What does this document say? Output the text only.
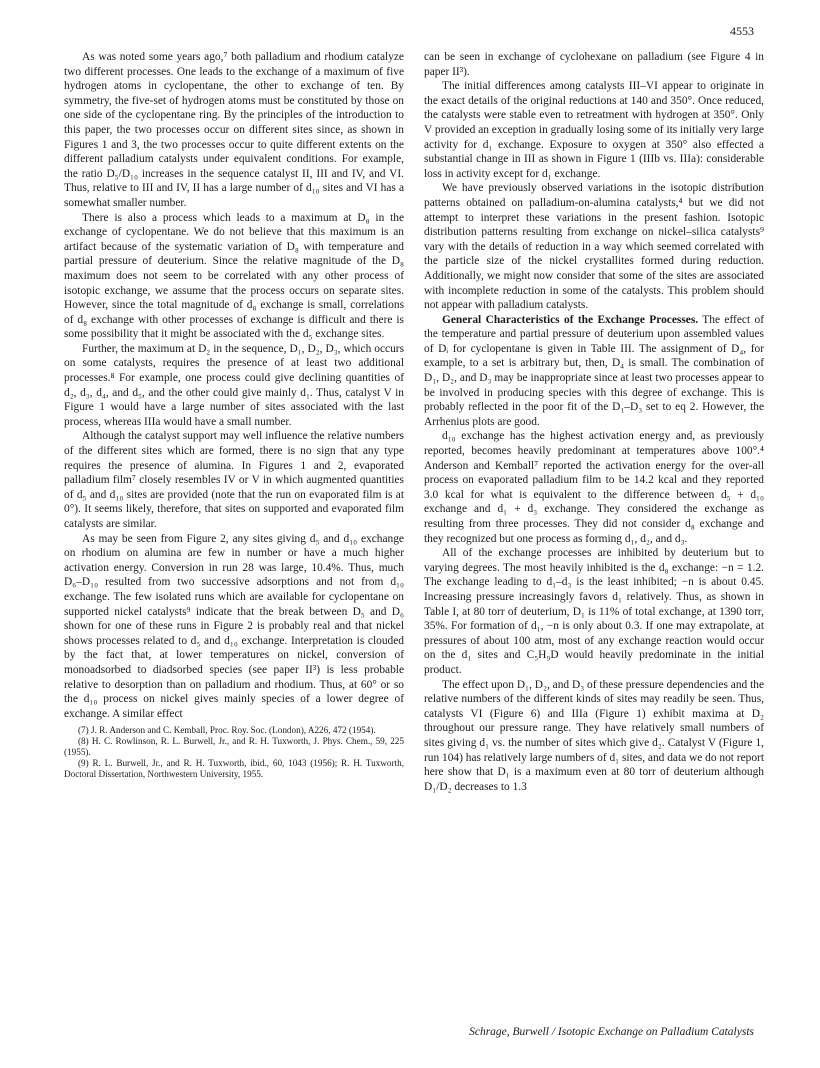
4553

As was noted some years ago,⁷ both palladium and rhodium catalyze two different processes. One leads to the exchange of a maximum of five hydrogen atoms in cyclopentane, the other to exchange of ten. By symmetry, the five-set of hydrogen atoms must be constituted by those on one side of the cyclopentane ring. By the principles of the introduction to this paper, the two processes occur on different sites since, as shown in Figures 1 and 3, the two processes occur to quite different extents on the different palladium catalysts under equivalent conditions. For example, the ratio D₅/D₁₀ increases in the sequence catalyst II, III and IV, and VI. Thus, relative to III and IV, II has a large number of d₁₀ sites and VI has a somewhat smaller number.

There is also a process which leads to a maximum at D₈ in the exchange of cyclopentane. We do not believe that this maximum is an artifact because of the systematic variation of D₈ with temperature and partial pressure of deuterium. Since the relative magnitude of the D₈ maximum does not seem to be correlated with any other process of isotopic exchange, we assume that the process occurs on separate sites. However, since the total magnitude of d₈ exchange is small, correlations of d₈ exchange with other processes of exchange is difficult and there is some possibility that it might be associated with the d₅ exchange sites.

Further, the maximum at D₂ in the sequence, D₁, D₂, D₃, which occurs on some catalysts, requires the presence of at least two additional processes.⁸ For example, one process could give declining quantities of d₂, d₃, d₄, and d₅, and the other could give mainly d₁. Thus, catalyst V in Figure 1 would have a large number of sites associated with the last process, whereas IIIa would have a small number.

Although the catalyst support may well influence the relative numbers of the different sites which are formed, there is no sign that any type requires the presence of alumina. In Figures 1 and 2, evaporated palladium film⁷ closely resembles IV or V in which augmented quantities of d₅ and d₁₀ sites are provided (note that the run on evaporated film is at 0°). It seems likely, therefore, that sites on supported and evaporated film catalysts are similar.

As may be seen from Figure 2, any sites giving d₅ and d₁₀ exchange on rhodium on alumina are few in number or have a much higher activation energy. Conversion in run 28 was large, 10.4%. Thus, much D₆–D₁₀ resulted from two successive adsorptions and not from d₁₀ exchange. The few isolated runs which are available for cyclopentane on supported nickel catalysts⁹ indicate that the break between D₅ and D₆ shown for one of these runs in Figure 2 is probably real and that nickel shows processes related to d₅ and d₁₀ exchange. Interpretation is clouded by the fact that, at lower temperatures on nickel, conversion of monoadsorbed to diadsorbed species (see paper II³) is less probable relative to desorption than on palladium and rhodium. Thus, at 60° or so the d₁₀ process on nickel gives mainly species of a lower degree of exchange. A similar effect

(7) J. R. Anderson and C. Kemball, Proc. Roy. Soc. (London), A226, 472 (1954).

(8) H. C. Rowlinson, R. L. Burwell, Jr., and R. H. Tuxworth, J. Phys. Chem., 59, 225 (1955).

(9) R. L. Burwell, Jr., and R. H. Tuxworth, ibid., 60, 1043 (1956); R. H. Tuxworth, Doctoral Dissertation, Northwestern University, 1955.

can be seen in exchange of cyclohexane on palladium (see Figure 4 in paper II³).

The initial differences among catalysts III–VI appear to originate in the exact details of the original reductions at 140 and 350°. Once reduced, the catalysts were stable even to retreatment with hydrogen at 350°. Only V provided an exception in gradually losing some of its initially very large activity for d₁ exchange. Exposure to oxygen at 350° also effected a substantial change in III as shown in Figure 1 (IIIb vs. IIIa): considerable loss in activity except for d₁ exchange.

We have previously observed variations in the isotopic distribution patterns obtained on palladium-on-alumina catalysts,⁴ but we did not attempt to interpret these variations in the present fashion. Isotopic distribution patterns resulting from exchange on nickel–silica catalysts⁹ vary with the details of reduction in a way which seemed correlated with the particle size of the nickel crystallites formed during reduction. Additionally, we might now consider that some of the sites are associated with incomplete reduction in some of the catalysts. This problem should not appear with palladium catalysts.

General Characteristics of the Exchange Processes. The effect of the temperature and partial pressure of deuterium upon assembled values of Dᵢ for cyclopentane is given in Table III. The assignment of D₄, for example, to a set is arbitrary but, then, D₄ is small. The combination of D₁, D₂, and D₃ may be inappropriate since at least two processes appear to be involved in producing species with this degree of exchange. This is probably reflected in the poor fit of the D₁–D₃ set to eq 2. However, the Arrhenius plots are good.

d₁₀ exchange has the highest activation energy and, as previously reported, becomes heavily predominant at temperatures above 100°.⁴ Anderson and Kemball⁷ reported the activation energy for the over-all process on evaporated palladium film to be 14.2 kcal and they reported 3.0 kcal for what is equivalent to the difference between d₅ + d₁₀ exchange and d₁ + d₃ exchange. They considered the exchange as resulting from three processes. They did not consider d₈ exchange and they recognized but one process as forming d₁, d₂, and d₃.

All of the exchange processes are inhibited by deuterium but to varying degrees. The most heavily inhibited is the d₈ exchange: −n = 1.2. The exchange leading to d₁–d₃ is the least inhibited; −n is about 0.45. Increasing pressure increasingly favors d₁ relatively. Thus, as shown in Table I, at 80 torr of deuterium, D₁ is 11% of total exchange, at 1390 torr, 35%. For formation of d₁, −n is only about 0.3. If one may extrapolate, at pressures of about 100 atm, most of any exchange reaction would occur on the d₁ sites and C₅H₉D would heavily predominate in the initial product.

The effect upon D₁, D₂, and D₃ of these pressure dependencies and the relative numbers of the different kinds of sites may readily be seen. Thus, catalysts VI (Figure 6) and IIIa (Figure 1) exhibit maxima at D₂ throughout our pressure range. They have relatively small numbers of sites giving d₁ vs. the number of sites which give d₂. Catalyst V (Figure 1, run 104) has relatively large numbers of d₁ sites, and data we do not report here show that D₁ is a maximum even at 80 torr of deuterium although D₁/D₂ decreases to 1.3

Schrage, Burwell / Isotopic Exchange on Palladium Catalysts
